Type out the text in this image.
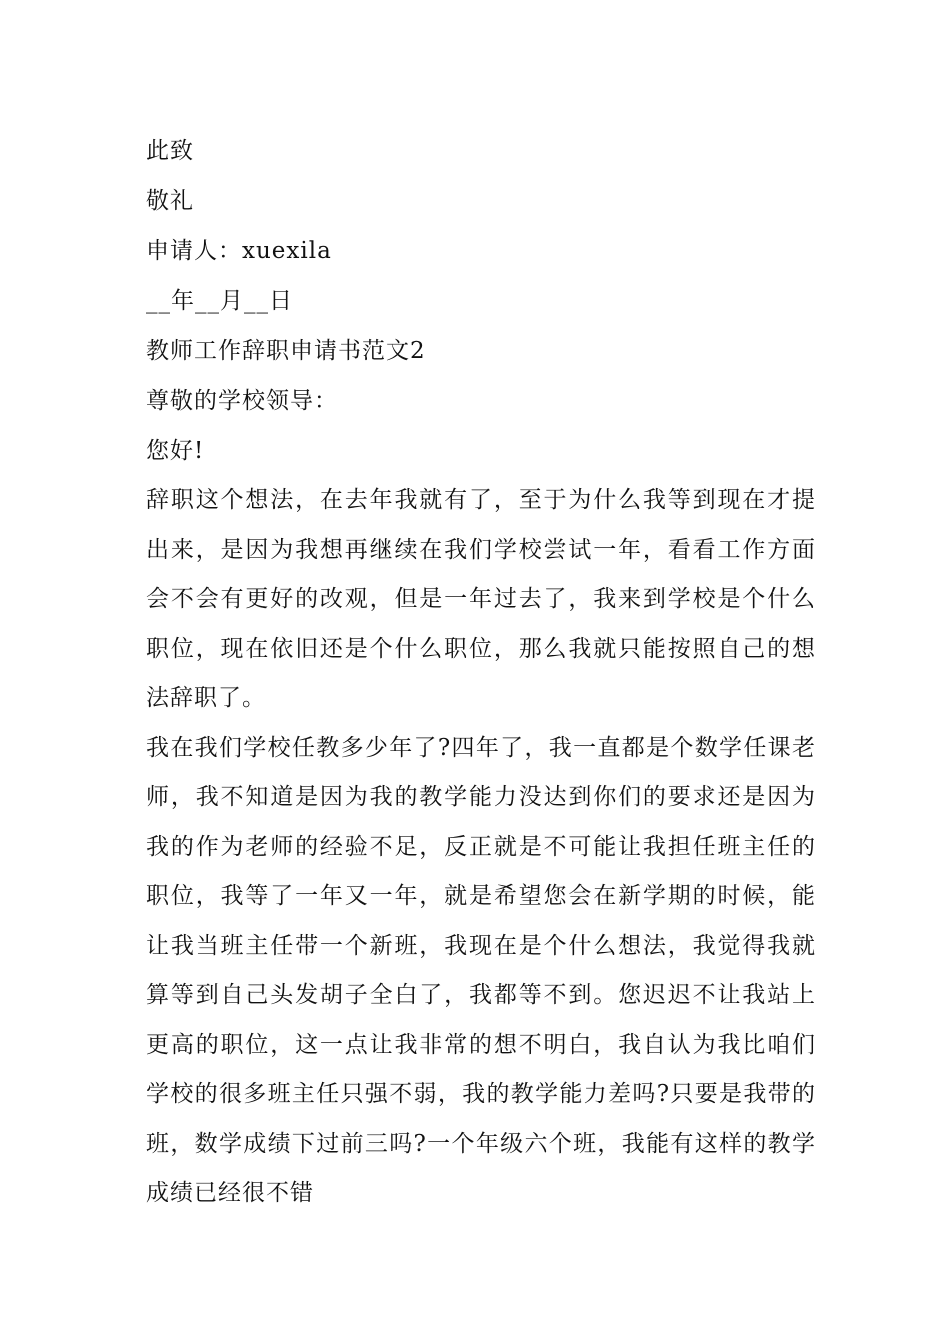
此致
敬礼
申请人：xuexila
__年__月__日
教师工作辞职申请书范文2
尊敬的学校领导：
您好!

辞职这个想法，在去年我就有了，至于为什么我等到现在才提出来，是因为我想再继续在我们学校尝试一年，看看工作方面会不会有更好的改观，但是一年过去了，我来到学校是个什么职位，现在依旧还是个什么职位，那么我就只能按照自己的想法辞职了。

我在我们学校任教多少年了?四年了，我一直都是个数学任课老师，我不知道是因为我的教学能力没达到你们的要求还是因为我的作为老师的经验不足，反正就是不可能让我担任班主任的职位，我等了一年又一年，就是希望您会在新学期的时候，能让我当班主任带一个新班，我现在是个什么想法，我觉得我就算等到自己头发胡子全白了，我都等不到。您迟迟不让我站上更高的职位，这一点让我非常的想不明白，我自认为我比咱们学校的很多班主任只强不弱，我的教学能力差吗?只要是我带的班，数学成绩下过前三吗?一个年级六个班，我能有这样的教学成绩已经很不错
